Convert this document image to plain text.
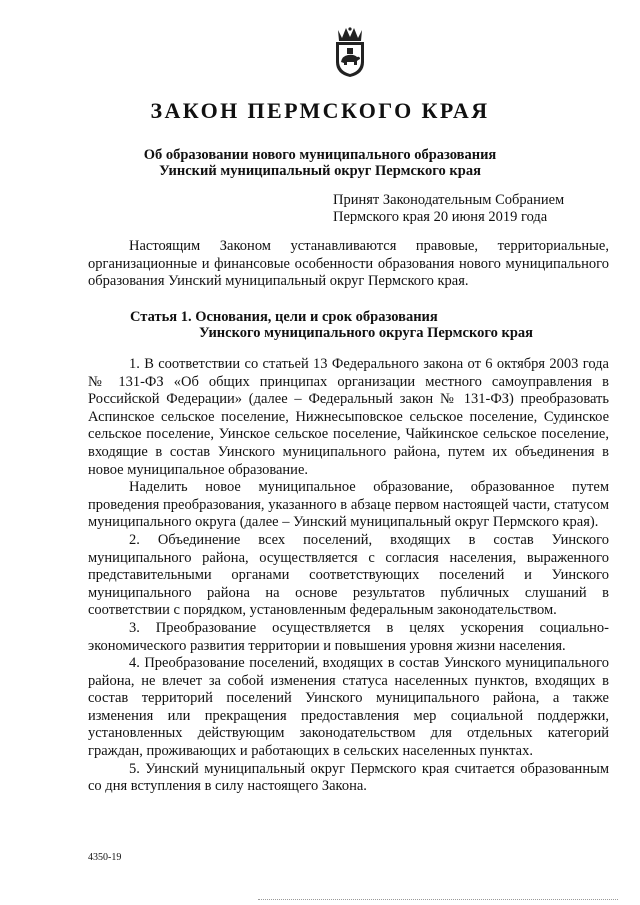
ЗАКОН ПЕРМСКОГО КРАЯ
Об образовании нового муниципального образования
Уинский муниципальный округ Пермского края
Принят Законодательным Собранием
Пермского края 20 июня 2019 года

Настоящим Законом устанавливаются правовые, территориальные, организационные и финансовые особенности образования нового муниципального образования Уинский муниципальный округ Пермского края.

Статья 1. Основания, цели и срок образования
Уинского муниципального округа Пермского края

1. В соответствии со статьей 13 Федерального закона от 6 октября 2003 года № 131-ФЗ «Об общих принципах организации местного самоуправления в Российской Федерации» (далее – Федеральный закон № 131-ФЗ) преобразовать Аспинское сельское поселение, Нижнесыповское сельское поселение, Судинское сельское поселение, Уинское сельское поселение, Чайкинское сельское поселение, входящие в состав Уинского муниципального района, путем их объединения в новое муниципальное образование.

Наделить новое муниципальное образование, образованное путем проведения преобразования, указанного в абзаце первом настоящей части, статусом муниципального округа (далее – Уинский муниципальный округ Пермского края).

2. Объединение всех поселений, входящих в состав Уинского муниципального района, осуществляется с согласия населения, выраженного представительными органами соответствующих поселений и Уинского муниципального района на основе результатов публичных слушаний в соответствии с порядком, установленным федеральным законодательством.

3. Преобразование осуществляется в целях ускорения социально-экономического развития территории и повышения уровня жизни населения.

4. Преобразование поселений, входящих в состав Уинского муниципального района, не влечет за собой изменения статуса населенных пунктов, входящих в состав территорий поселений Уинского муниципального района, а также изменения или прекращения предоставления мер социальной поддержки, установленных действующим законодательством для отдельных категорий граждан, проживающих и работающих в сельских населенных пунктах.

5. Уинский муниципальный округ Пермского края считается образованным со дня вступления в силу настоящего Закона.

4350-19
